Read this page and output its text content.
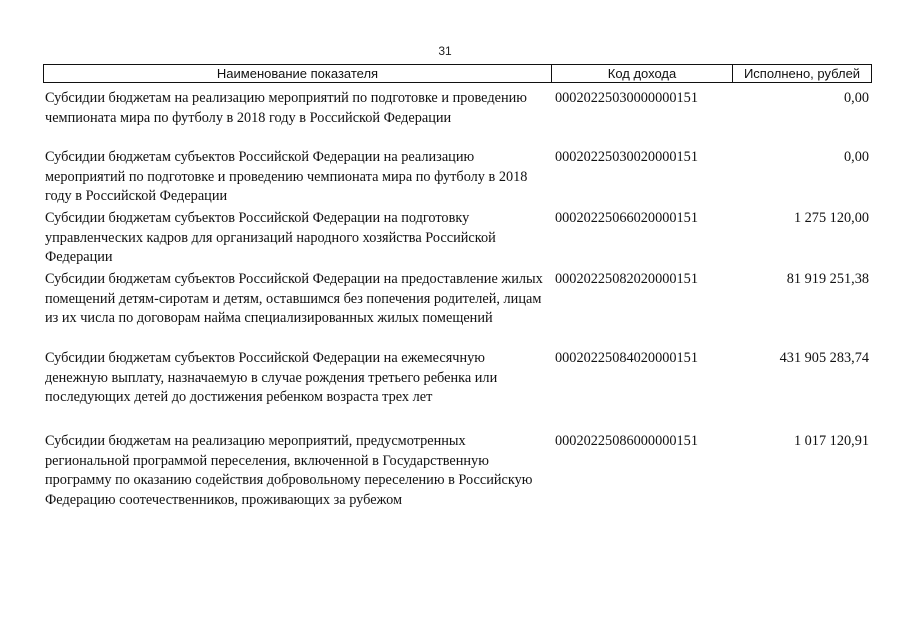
31
Наименование показателя	Код дохода	Исполнено, рублей
Субсидии бюджетам на реализацию мероприятий по подготовке и проведению чемпионата мира по футболу в 2018 году в Российской Федерации
00020225030000000151	0,00
Субсидии бюджетам субъектов Российской Федерации на реализацию мероприятий по подготовке и проведению чемпионата мира по футболу в 2018 году в Российской Федерации
00020225030020000151	0,00
Субсидии бюджетам субъектов Российской Федерации на подготовку управленческих кадров для организаций народного хозяйства Российской Федерации
00020225066020000151	1 275 120,00
Субсидии бюджетам субъектов Российской Федерации на предоставление жилых помещений детям-сиротам и детям, оставшимся без попечения родителей, лицам из их числа по договорам найма специализированных жилых помещений
00020225082020000151	81 919 251,38
Субсидии бюджетам субъектов Российской Федерации на ежемесячную денежную выплату, назначаемую в случае рождения третьего ребенка или последующих детей до достижения ребенком возраста трех лет
00020225084020000151	431 905 283,74
Субсидии бюджетам на реализацию мероприятий, предусмотренных региональной программой переселения, включенной в Государственную программу по оказанию содействия добровольному переселению в Российскую Федерацию соотечественников, проживающих за рубежом
00020225086000000151	1 017 120,91
